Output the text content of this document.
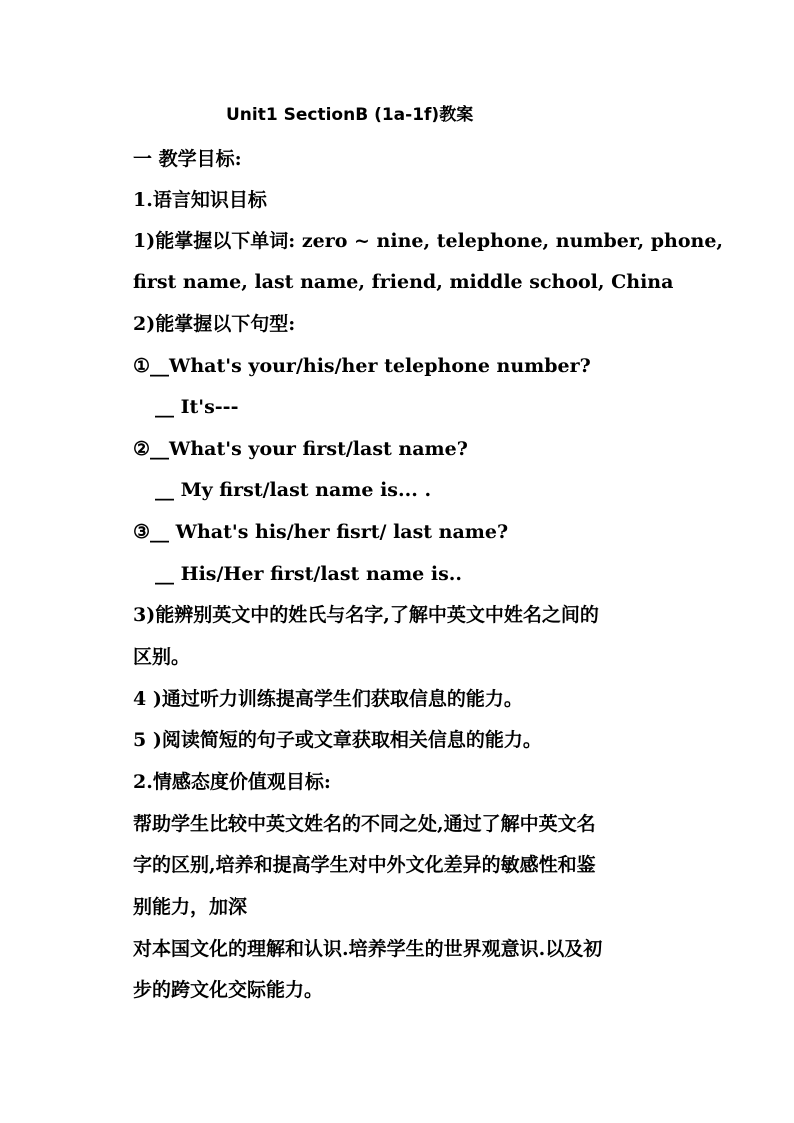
Unit1 SectionB (1a-1f)教案
一 教学目标:
1.语言知识目标
1)能掌握以下单词: zero ~ nine, telephone, number, phone,
first name, last name, friend, middle school, China
2)能掌握以下句型:
①__What's your/his/her telephone number?
__ It's---
②__What's your first/last name?
__ My first/last name is... .
③__ What's his/her fisrt/ last name?
__ His/Her first/last name is..
3)能辨别英文中的姓氏与名字,了解中英文中姓名之间的
区别。
4 )通过听力训练提高学生们获取信息的能力。
5 )阅读简短的句子或文章获取相关信息的能力。
2.情感态度价值观目标:
帮助学生比较中英文姓名的不同之处,通过了解中英文名
字的区别,培养和提高学生对中外文化差异的敏感性和鉴
别能力，加深
对本国文化的理解和认识.培养学生的世界观意识.以及初
步的跨文化交际能力。
